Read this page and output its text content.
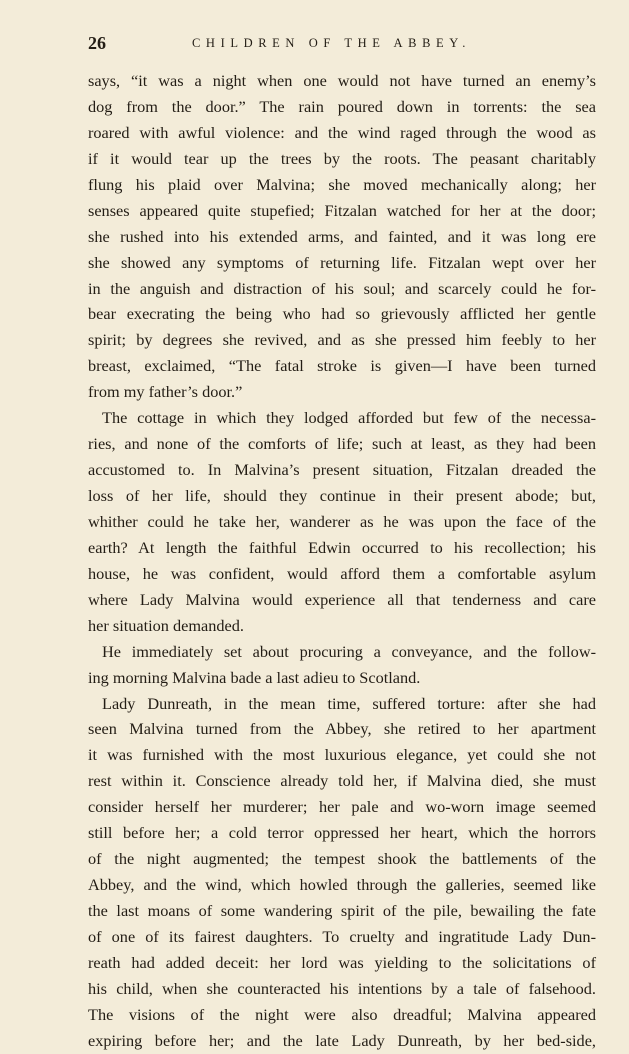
26	CHILDREN OF THE ABBEY.
says, “it was a night when one would not have turned an enemy’s
dog from the door.” The rain poured down in torrents: the sea
roared with awful violence: and the wind raged through the wood as
if it would tear up the trees by the roots. The peasant charitably
flung his plaid over Malvina; she moved mechanically along; her
senses appeared quite stupefied; Fitzalan watched for her at the door;
she rushed into his extended arms, and fainted, and it was long ere
she showed any symptoms of returning life. Fitzalan wept over her
in the anguish and distraction of his soul; and scarcely could he for-
bear execrating the being who had so grievously afflicted her gentle
spirit; by degrees she revived, and as she pressed him feebly to her
breast, exclaimed, “The fatal stroke is given—I have been turned
from my father’s door.”
The cottage in which they lodged afforded but few of the necessa-
ries, and none of the comforts of life; such at least, as they had been
accustomed to. In Malvina’s present situation, Fitzalan dreaded the
loss of her life, should they continue in their present abode; but,
whither could he take her, wanderer as he was upon the face of the
earth? At length the faithful Edwin occurred to his recollection; his
house, he was confident, would afford them a comfortable asylum
where Lady Malvina would experience all that tenderness and care
her situation demanded.
He immediately set about procuring a conveyance, and the follow-
ing morning Malvina bade a last adieu to Scotland.
Lady Dunreath, in the mean time, suffered torture: after she had
seen Malvina turned from the Abbey, she retired to her apartment
it was furnished with the most luxurious elegance, yet could she not
rest within it. Conscience already told her, if Malvina died, she must
consider herself her murderer; her pale and wo-worn image seemed
still before her; a cold terror oppressed her heart, which the horrors
of the night augmented; the tempest shook the battlements of the
Abbey, and the wind, which howled through the galleries, seemed like
the last moans of some wandering spirit of the pile, bewailing the fate
of one of its fairest daughters. To cruelty and ingratitude Lady Dun-
reath had added deceit: her lord was yielding to the solicitations of
his child, when she counteracted his intentions by a tale of falsehood.
The visions of the night were also dreadful; Malvina appeared
expiring before her; and the late Lady Dunreath, by her bed-side,
